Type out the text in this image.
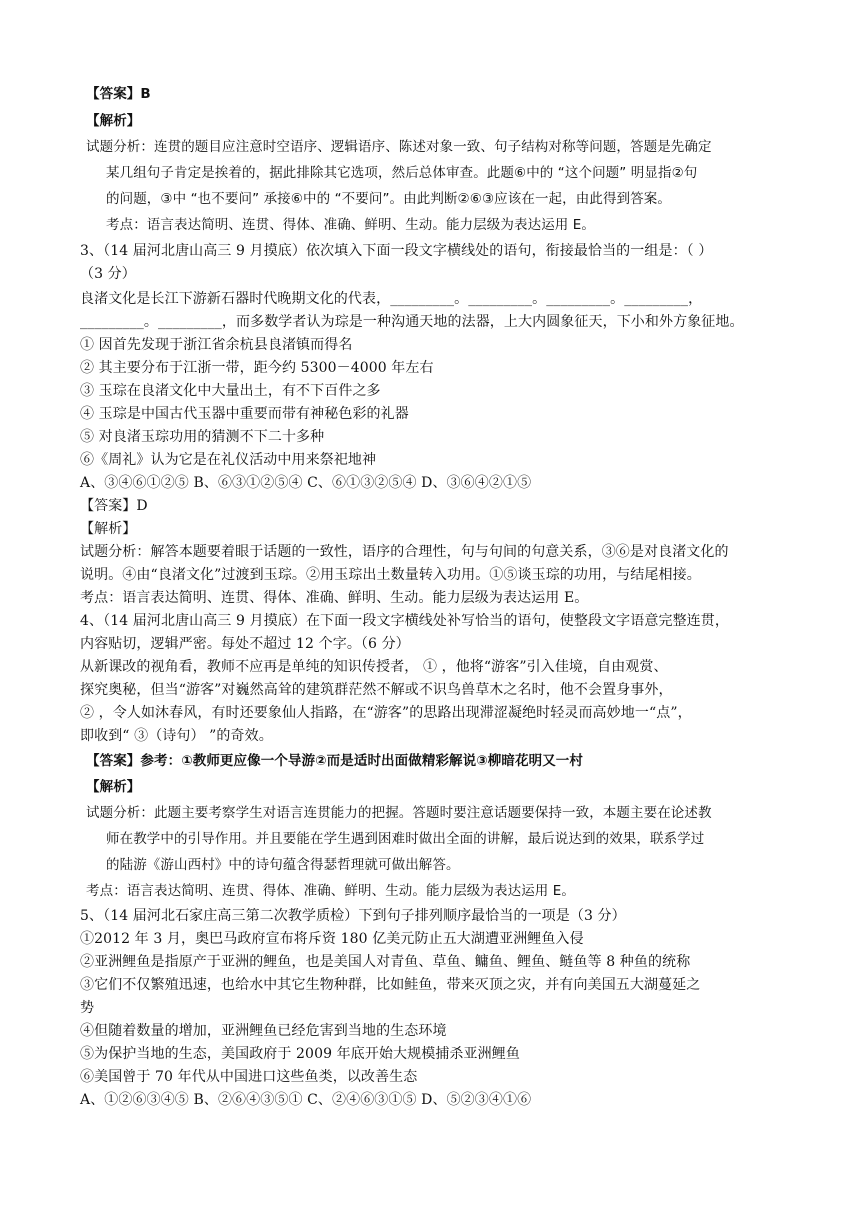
【答案】B
【解析】
试题分析：连贯的题目应注意时空语序、逻辑语序、陈述对象一致、句子结构对称等问题，答题是先确定
某几组句子肯定是挨着的，据此排除其它选项，然后总体审查。此题⑥中的 “这个问题” 明显指②句
的问题，③中 “也不要问” 承接⑥中的 “不要问”。由此判断②⑥③应该在一起，由此得到答案。
考点：语言表达简明、连贯、得体、准确、鲜明、生动。能力层级为表达运用 E。
3、（14 届河北唐山高三 9 月摸底）依次填入下面一段文字横线处的语句，衔接最恰当的一组是：（ ）
（3 分）
良渚文化是长江下游新石器时代晚期文化的代表，_________。_________。_________。_________，
_________。_________，而多数学者认为琮是一种沟通天地的法器，上大内圆象征天，下小和外方象征地。
① 因首先发现于浙江省余杭县良渚镇而得名
② 其主要分布于江浙一带，距今约 5300－4000 年左右
③ 玉琮在良渚文化中大量出土，有不下百件之多
④ 玉琮是中国古代玉器中重要而带有神秘色彩的礼器
⑤ 对良渚玉琮功用的猜测不下二十多种
⑥《周礼》认为它是在礼仪活动中用来祭祀地神
A、③④⑥①②⑤ B、⑥③①②⑤④ C、⑥①③②⑤④ D、③⑥④②①⑤
【答案】D
【解析】
试题分析：解答本题要着眼于话题的一致性，语序的合理性，句与句间的句意关系，③⑥是对良渚文化的
说明。④由“良渚文化”过渡到玉琮。②用玉琮出土数量转入功用。①⑤谈玉琮的功用，与结尾相接。
考点：语言表达简明、连贯、得体、准确、鲜明、生动。能力层级为表达运用 E。
4、（14 届河北唐山高三 9 月摸底）在下面一段文字横线处补写恰当的语句，使整段文字语意完整连贯，
内容贴切，逻辑严密。每处不超过 12 个字。（6 分）
从新课改的视角看，教师不应再是单纯的知识传授者， ① ，他将“游客”引入佳境，自由观赏、
探究奥秘，但当“游客”对巍然高耸的建筑群茫然不解或不识鸟兽草木之名时，他不会置身事外，
② ，令人如沐春风，有时还要象仙人指路，在“游客”的思路出现滞涩凝绝时轻灵而高妙地一“点”，
即收到“ ③（诗句） ”的奇效。
【答案】参考：①教师更应像一个导游②而是适时出面做精彩解说③柳暗花明又一村
【解析】
试题分析：此题主要考察学生对语言连贯能力的把握。答题时要注意话题要保持一致，本题主要在论述教
师在教学中的引导作用。并且要能在学生遇到困难时做出全面的讲解，最后说达到的效果，联系学过
的陆游《游山西村》中的诗句蕴含得瑟哲理就可做出解答。
考点：语言表达简明、连贯、得体、准确、鲜明、生动。能力层级为表达运用 E。
5、（14 届河北石家庄高三第二次教学质检）下到句子排列顺序最恰当的一项是（3 分）
①2012 年 3 月，奥巴马政府宣布将斥资 180 亿美元防止五大湖遭亚洲鲤鱼入侵
②亚洲鲤鱼是指原产于亚洲的鲤鱼，也是美国人对青鱼、草鱼、鳙鱼、鲤鱼、鲢鱼等 8 种鱼的统称
③它们不仅繁殖迅速，也给水中其它生物种群，比如鲑鱼，带来灭顶之灾，并有向美国五大湖蔓延之
势
④但随着数量的增加，亚洲鲤鱼已经危害到当地的生态环境
⑤为保护当地的生态，美国政府于 2009 年底开始大规模捕杀亚洲鲤鱼
⑥美国曾于 70 年代从中国进口这些鱼类，以改善生态
A、①②⑥③④⑤ B、②⑥④③⑤① C、②④⑥③①⑤ D、⑤②③④①⑥
